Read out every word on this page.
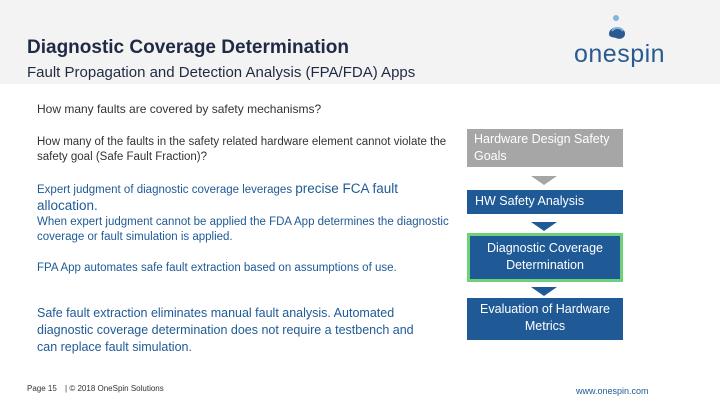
Diagnostic Coverage Determination
Fault Propagation and Detection Analysis (FPA/FDA) Apps
onespin
How many faults are covered by safety mechanisms?
How many of the faults in the safety related hardware element cannot violate the safety goal (Safe Fault Fraction)?
Expert judgment of diagnostic coverage leverages precise FCA fault allocation.
When expert judgment cannot be applied the FDA App determines the diagnostic coverage or fault simulation is applied.
FPA App automates safe fault extraction based on assumptions of use.
Safe fault extraction eliminates manual fault analysis. Automated diagnostic coverage determination does not require a testbench and can replace fault simulation.
Hardware Design Safety Goals
HW Safety Analysis
Diagnostic Coverage Determination
Evaluation of Hardware Metrics
Page 15 | © 2018 OneSpin Solutions	www.onespin.com
